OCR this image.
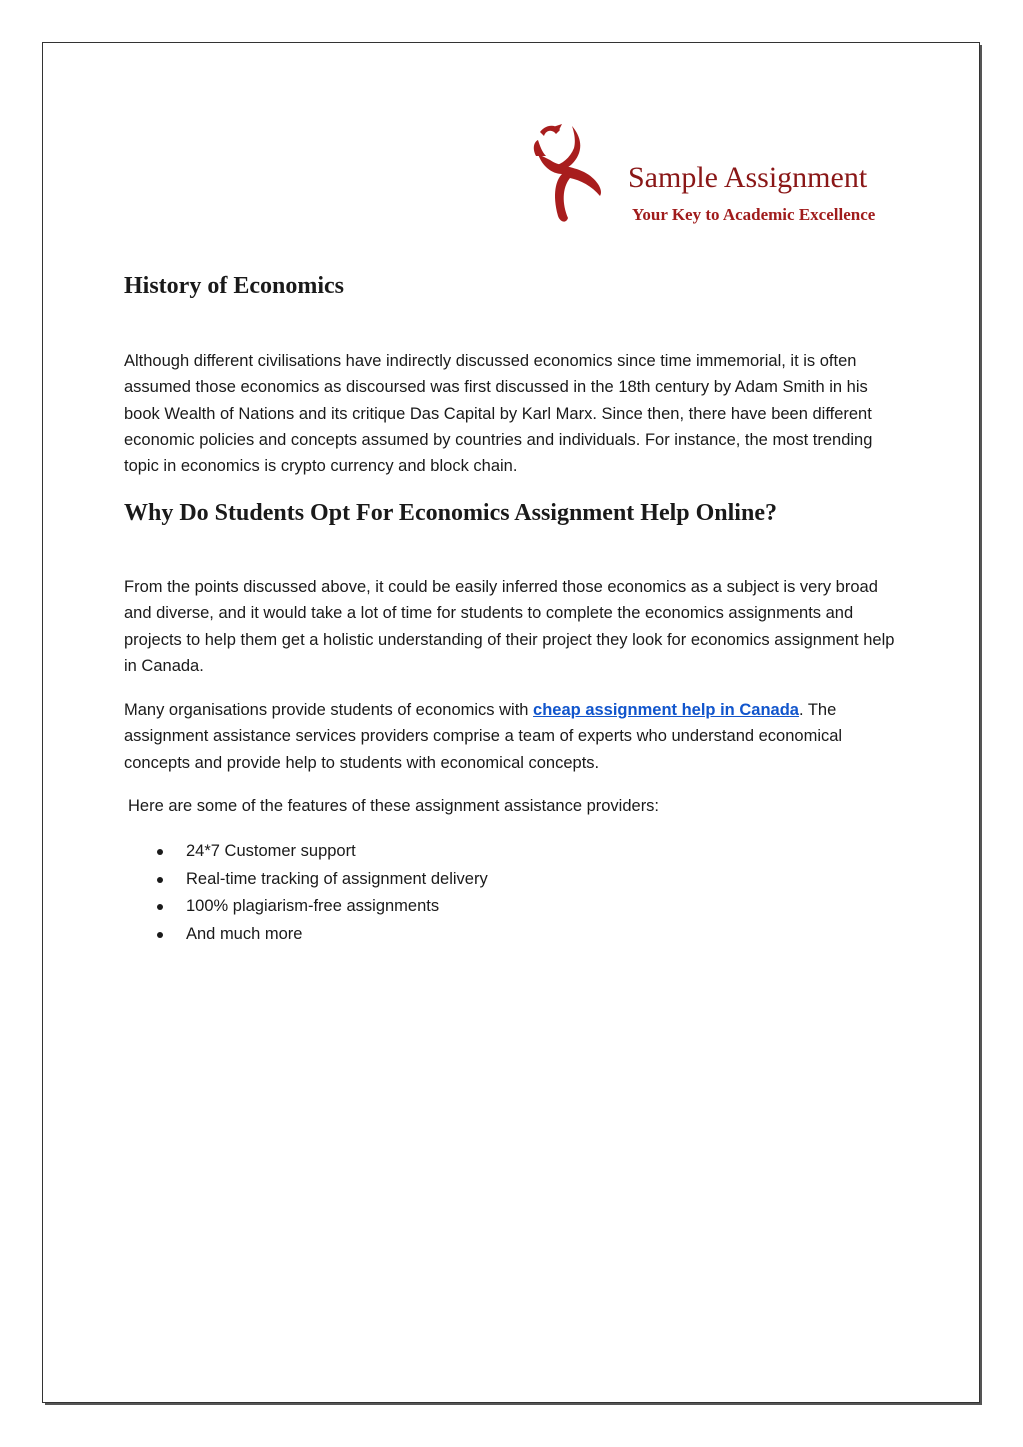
Sample Assignment
Your Key to Academic Excellence
History of Economics

Although different civilisations have indirectly discussed economics since time immemorial, it is often assumed those economics as discoursed was first discussed in the 18th century by Adam Smith in his book Wealth of Nations and its critique Das Capital by Karl Marx. Since then, there have been different economic policies and concepts assumed by countries and individuals. For instance, the most trending topic in economics is crypto currency and block chain.

Why Do Students Opt For Economics Assignment Help Online?

From the points discussed above, it could be easily inferred those economics as a subject is very broad and diverse, and it would take a lot of time for students to complete the economics assignments and projects to help them get a holistic understanding of their project they look for economics assignment help in Canada.

Many organisations provide students of economics with cheap assignment help in Canada. The assignment assistance services providers comprise a team of experts who understand economical concepts and provide help to students with economical concepts.

Here are some of the features of these assignment assistance providers:

24*7 Customer support
Real-time tracking of assignment delivery
100% plagiarism-free assignments
And much more
